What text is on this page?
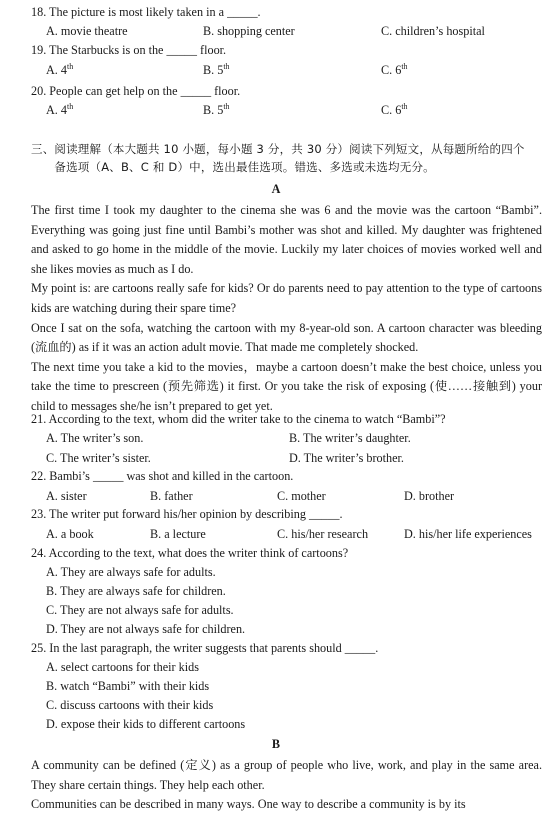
18. The picture is most likely taken in a _____.
A. movie theatre	B. shopping center	C. children’s hospital
19. The Starbucks is on the _____ floor.
A. 4th	B. 5th	C. 6th
20. People can get help on the _____ floor.
A. 4th	B. 5th	C. 6th
三、阅读理解（本大题共 10 小题，每小题 3 分，共 30 分）阅读下列短文，从每题所给的四个
　　备选项（A、B、C 和 D）中，选出最佳选项。错选、多选或未选均无分。
A

The first time I took my daughter to the cinema she was 6 and the movie was the cartoon “Bambi”. Everything was going just fine until Bambi’s mother was shot and killed. My daughter was frightened and asked to go home in the middle of the movie. Luckily my later choices of movies worked well and she likes movies as much as I do.

My point is: are cartoons really safe for kids? Or do parents need to pay attention to the type of cartoons kids are watching during their spare time?

Once I sat on the sofa, watching the cartoon with my 8-year-old son. A cartoon character was bleeding (流血的) as if it was an action adult movie. That made me completely shocked.

The next time you take a kid to the movies，maybe a cartoon doesn’t make the best choice, unless you take the time to prescreen (预先筛选) it first. Or you take the risk of exposing (使……接触到) your child to messages she/he isn’t prepared to get yet.

21. According to the text, whom did the writer take to the cinema to watch “Bambi”?
A. The writer’s son.	B. The writer’s daughter.
C. The writer’s sister.	D. The writer’s brother.
22. Bambi’s _____ was shot and killed in the cartoon.
A. sister	B. father	C. mother	D. brother
23. The writer put forward his/her opinion by describing _____.
A. a book	B. a lecture	C. his/her research	D. his/her life experiences
24. According to the text, what does the writer think of cartoons?
A. They are always safe for adults.
B. They are always safe for children.
C. They are not always safe for adults.
D. They are not always safe for children.
25. In the last paragraph, the writer suggests that parents should _____.
A. select cartoons for their kids
B. watch “Bambi” with their kids
C. discuss cartoons with their kids
D. expose their kids to different cartoons
B

A community can be defined (定义) as a group of people who live, work, and play in the same area. They share certain things. They help each other.

Communities can be described in many ways. One way to describe a community is by its
